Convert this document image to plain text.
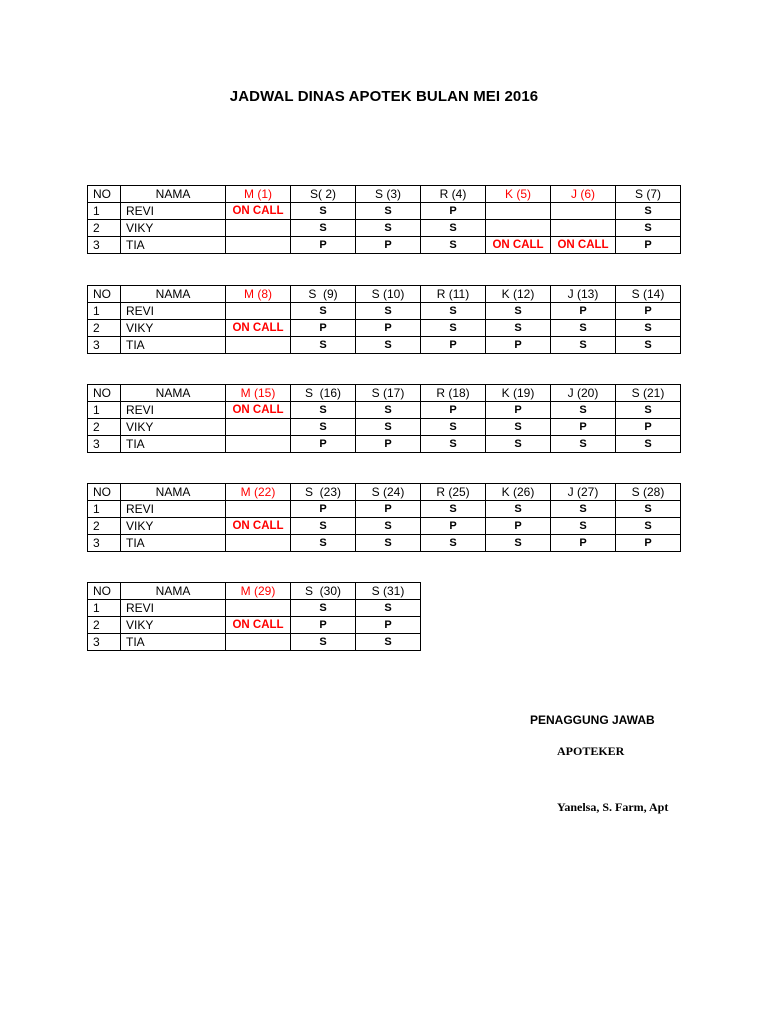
JADWAL DINAS APOTEK BULAN MEI 2016
NO	NAMA	M (1)	S( 2)	S (3)	R (4)	K (5)	J (6)	S (7)
1	REVI	ON CALL	S	S	P			S
2	VIKY		S	S	S			S
3	TIA		P	P	S	ON CALL	ON CALL	P
NO	NAMA	M (8)	S  (9)	S (10)	R (11)	K (12)	J (13)	S (14)
1	REVI		S	S	S	S	P	P
2	VIKY	ON CALL	P	P	S	S	S	S
3	TIA		S	S	P	P	S	S
NO	NAMA	M (15)	S  (16)	S (17)	R (18)	K (19)	J (20)	S (21)
1	REVI	ON CALL	S	S	P	P	S	S
2	VIKY		S	S	S	S	P	P
3	TIA		P	P	S	S	S	S
NO	NAMA	M (22)	S  (23)	S (24)	R (25)	K (26)	J (27)	S (28)
1	REVI		P	P	S	S	S	S
2	VIKY	ON CALL	S	S	P	P	S	S
3	TIA		S	S	S	S	P	P
NO	NAMA	M (29)	S  (30)	S (31)
1	REVI		S	S
2	VIKY	ON CALL	P	P
3	TIA		S	S
PENAGGUNG JAWAB
APOTEKER
Yanelsa, S. Farm, Apt
